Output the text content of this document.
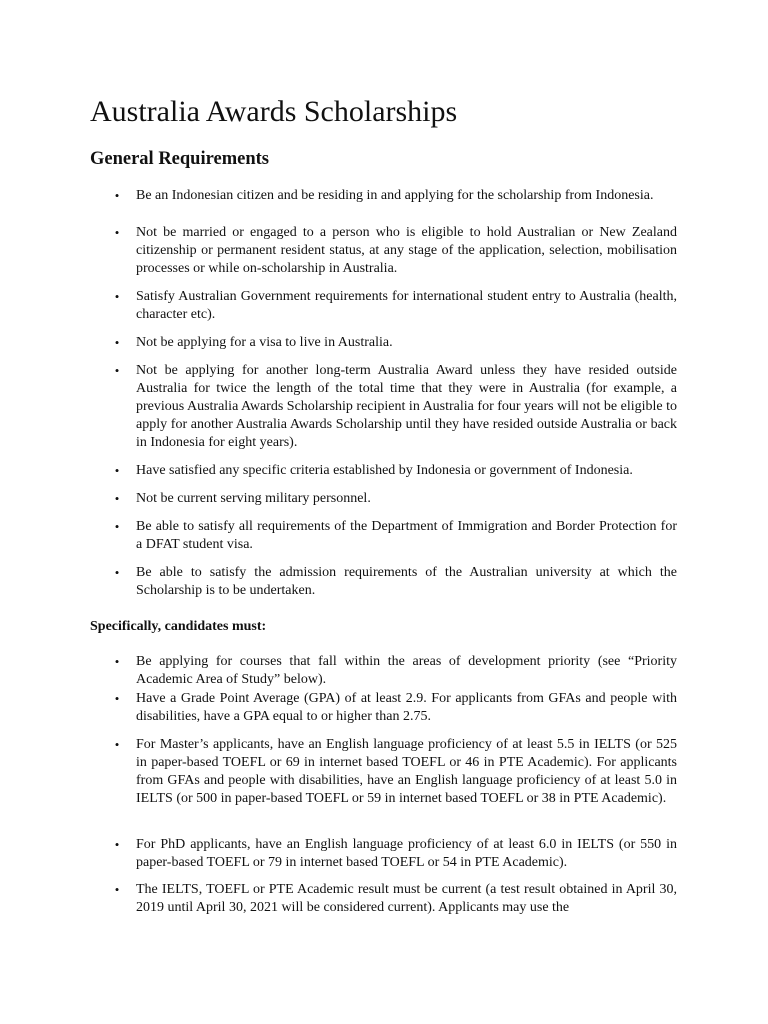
Australia Awards Scholarships
General Requirements
• Be an Indonesian citizen and be residing in and applying for the scholarship from Indonesia.

• Not be married or engaged to a person who is eligible to hold Australian or New Zealand citizenship or permanent resident status, at any stage of the application, selection, mobilisation processes or while on-scholarship in Australia.

• Satisfy Australian Government requirements for international student entry to Australia (health, character etc).

• Not be applying for a visa to live in Australia.

• Not be applying for another long-term Australia Award unless they have resided outside Australia for twice the length of the total time that they were in Australia (for example, a previous Australia Awards Scholarship recipient in Australia for four years will not be eligible to apply for another Australia Awards Scholarship until they have resided outside Australia or back in Indonesia for eight years).

• Have satisfied any specific criteria established by Indonesia or government of Indonesia.

• Not be current serving military personnel.

• Be able to satisfy all requirements of the Department of Immigration and Border Protection for a DFAT student visa.

• Be able to satisfy the admission requirements of the Australian university at which the Scholarship is to be undertaken.

Specifically, candidates must:
• Be applying for courses that fall within the areas of development priority (see “Priority Academic Area of Study” below).

• Have a Grade Point Average (GPA) of at least 2.9. For applicants from GFAs and people with disabilities, have a GPA equal to or higher than 2.75.

• For Master’s applicants, have an English language proficiency of at least 5.5 in IELTS (or 525 in paper-based TOEFL or 69 in internet based TOEFL or 46 in PTE Academic). For applicants from GFAs and people with disabilities, have an English language proficiency of at least 5.0 in IELTS (or 500 in paper-based TOEFL or 59 in internet based TOEFL or 38 in PTE Academic).

• For PhD applicants, have an English language proficiency of at least 6.0 in IELTS (or 550 in paper-based TOEFL or 79 in internet based TOEFL or 54 in PTE Academic).

• The IELTS, TOEFL or PTE Academic result must be current (a test result obtained in April 30, 2019 until April 30, 2021 will be considered current). Applicants may use the
